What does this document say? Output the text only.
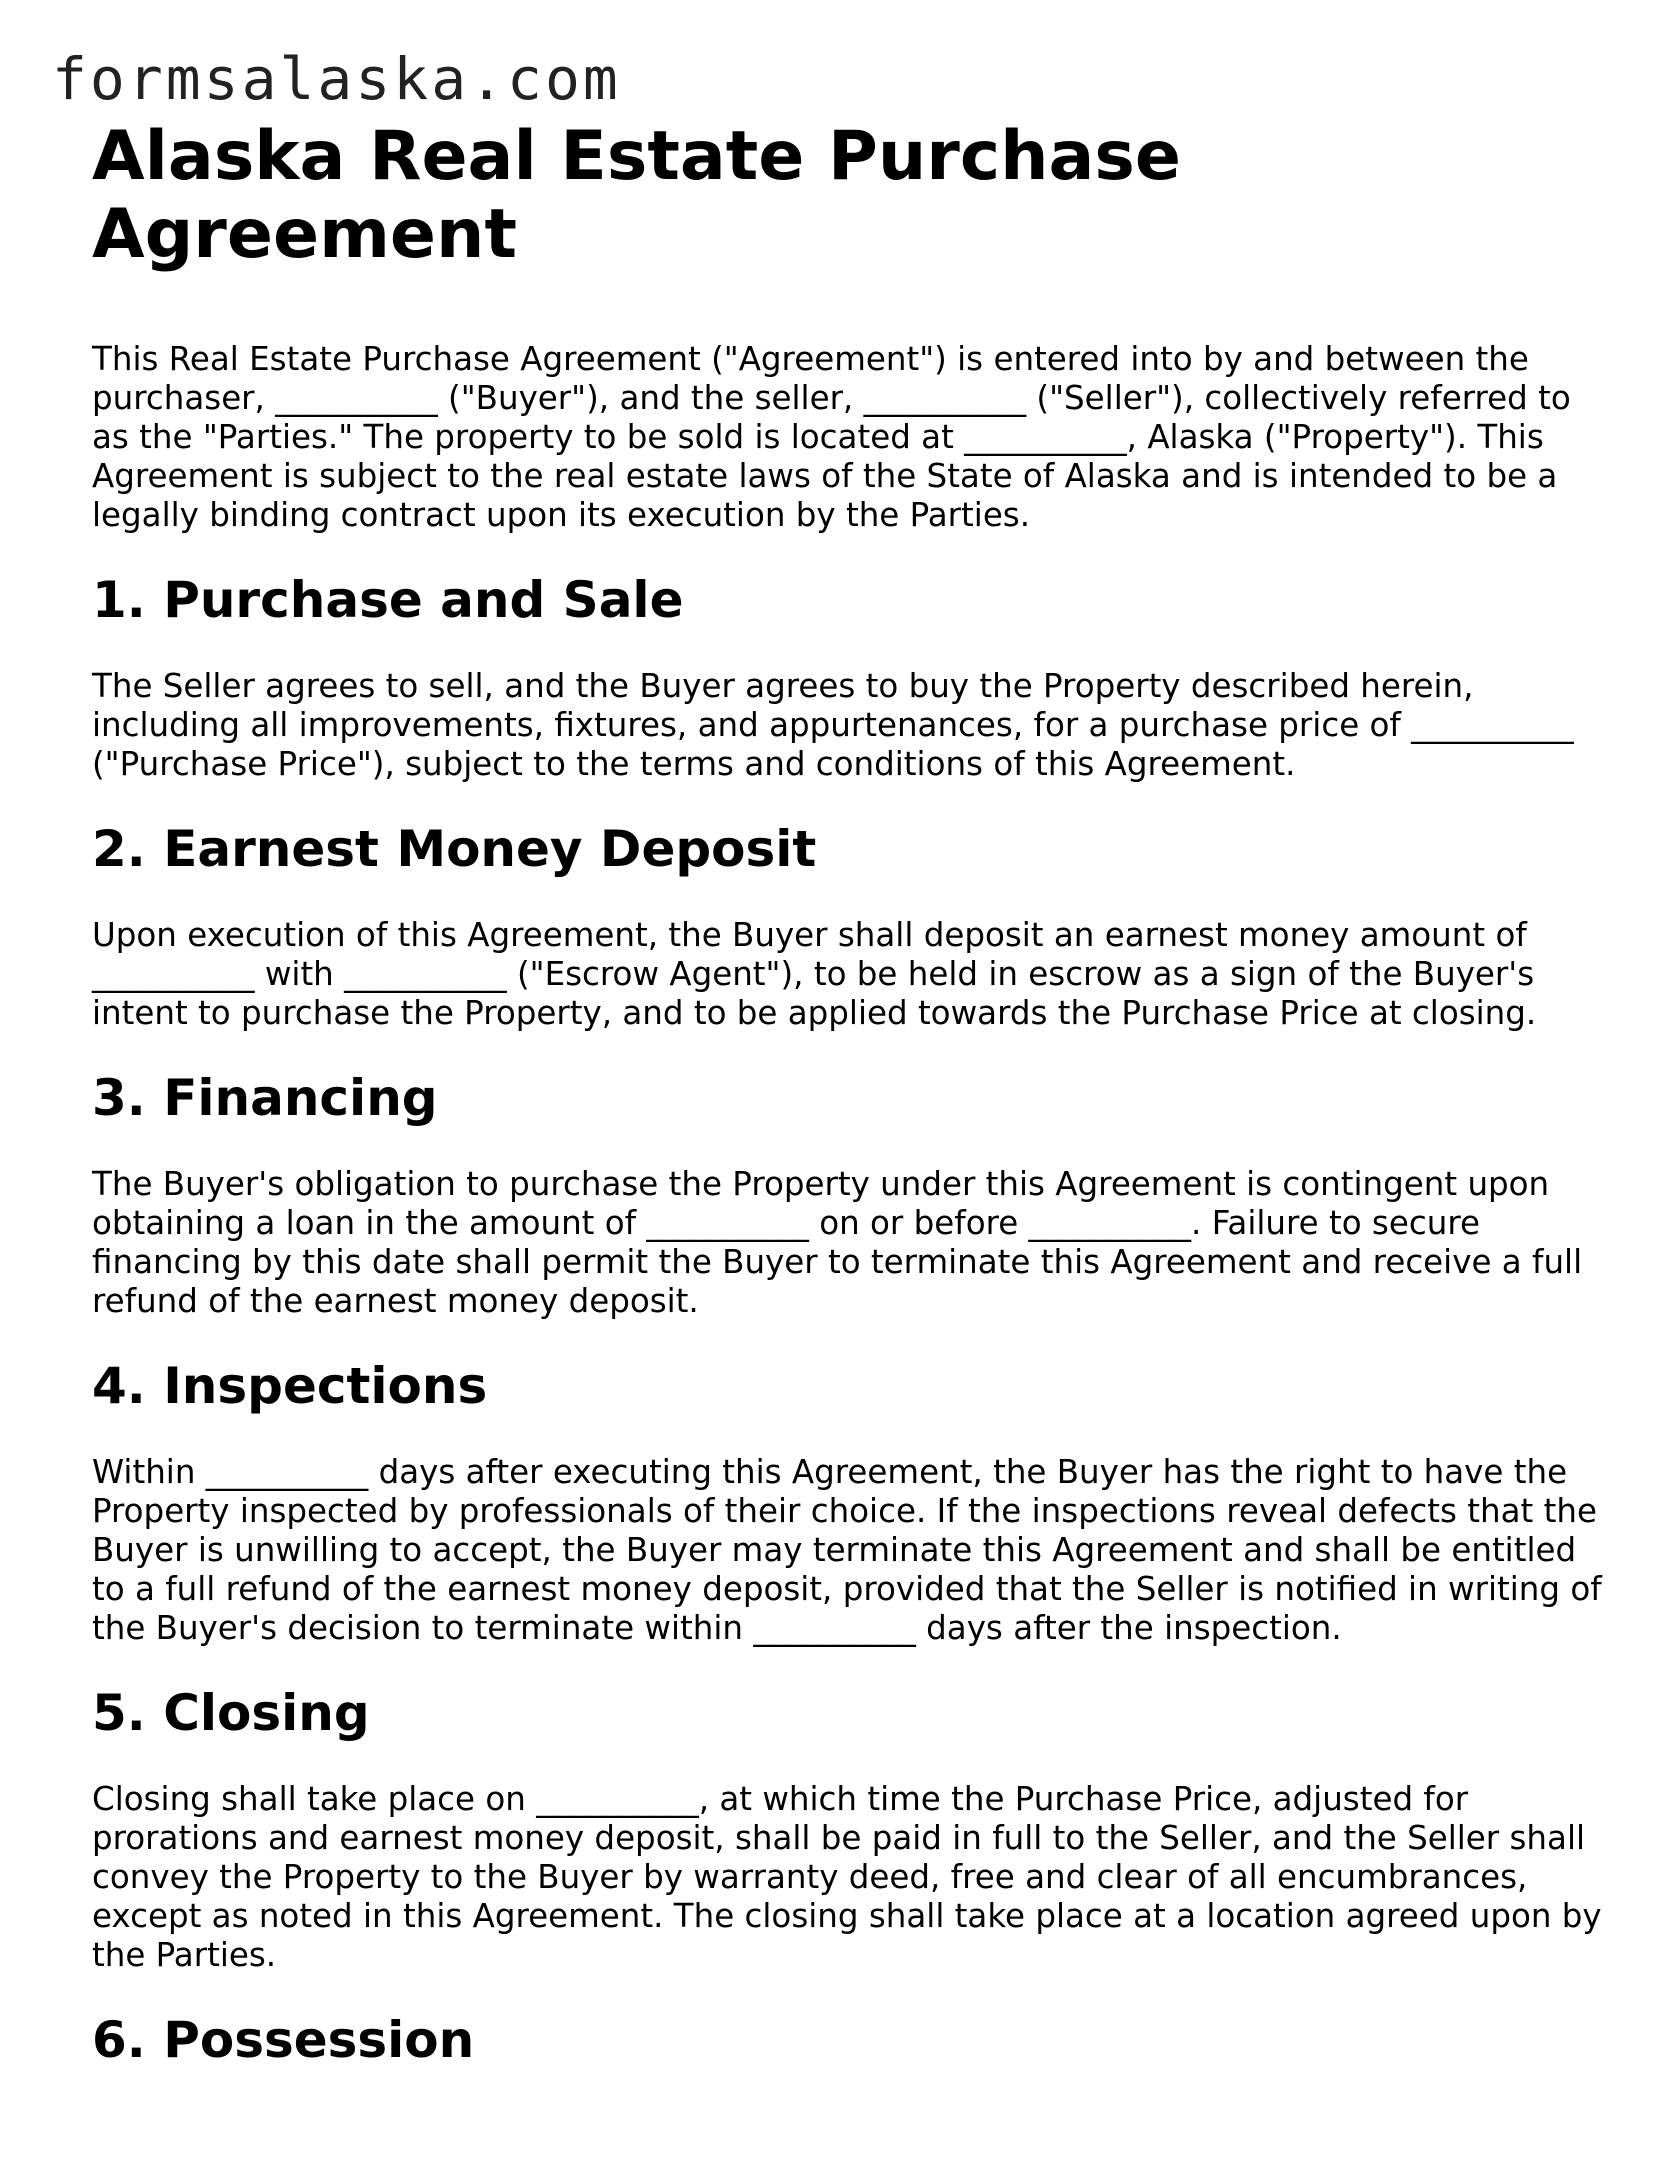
formsalaska.com
Alaska Real Estate Purchase Agreement

This Real Estate Purchase Agreement ("Agreement") is entered into by and between the purchaser, __________ ("Buyer"), and the seller, __________ ("Seller"), collectively referred to as the "Parties." The property to be sold is located at __________, Alaska ("Property"). This Agreement is subject to the real estate laws of the State of Alaska and is intended to be a legally binding contract upon its execution by the Parties.

1. Purchase and Sale

The Seller agrees to sell, and the Buyer agrees to buy the Property described herein, including all improvements, fixtures, and appurtenances, for a purchase price of __________ ("Purchase Price"), subject to the terms and conditions of this Agreement.

2. Earnest Money Deposit

Upon execution of this Agreement, the Buyer shall deposit an earnest money amount of __________ with __________ ("Escrow Agent"), to be held in escrow as a sign of the Buyer's intent to purchase the Property, and to be applied towards the Purchase Price at closing.

3. Financing

The Buyer's obligation to purchase the Property under this Agreement is contingent upon obtaining a loan in the amount of __________ on or before __________. Failure to secure financing by this date shall permit the Buyer to terminate this Agreement and receive a full refund of the earnest money deposit.

4. Inspections

Within __________ days after executing this Agreement, the Buyer has the right to have the Property inspected by professionals of their choice. If the inspections reveal defects that the Buyer is unwilling to accept, the Buyer may terminate this Agreement and shall be entitled to a full refund of the earnest money deposit, provided that the Seller is notified in writing of the Buyer's decision to terminate within __________ days after the inspection.

5. Closing

Closing shall take place on __________, at which time the Purchase Price, adjusted for prorations and earnest money deposit, shall be paid in full to the Seller, and the Seller shall convey the Property to the Buyer by warranty deed, free and clear of all encumbrances, except as noted in this Agreement. The closing shall take place at a location agreed upon by the Parties.

6. Possession
